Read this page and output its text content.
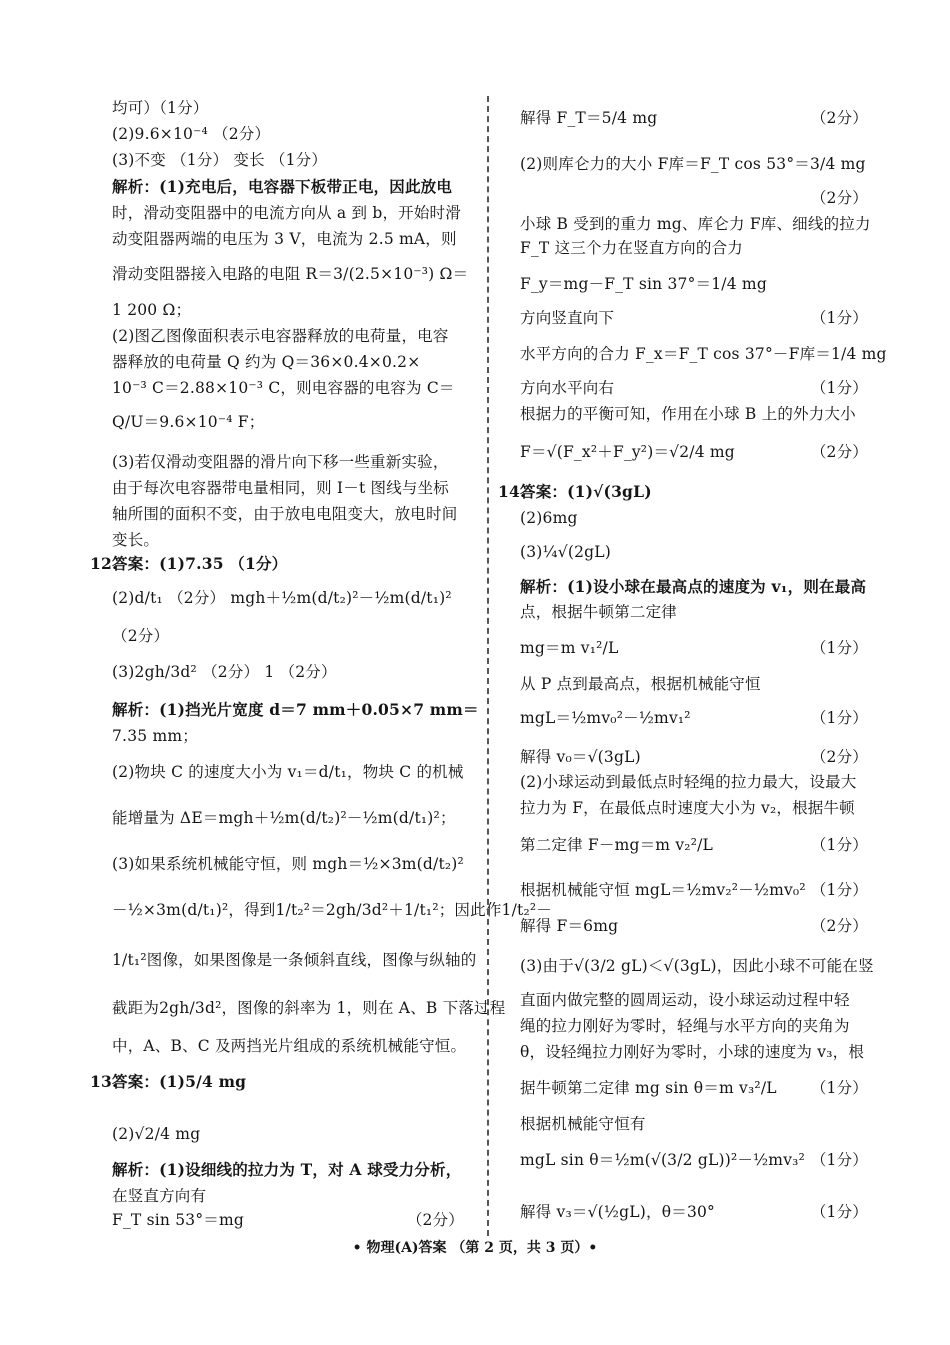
均可）（1分）
(2)9.6×10⁻⁴ （2分）
(3)不变 （1分） 变长 （1分）
解析：(1)充电后，电容器下板带正电，因此放电
时，滑动变阻器中的电流方向从 a 到 b，开始时滑
动变阻器两端的电压为 3 V，电流为 2.5 mA，则
滑动变阻器接入电路的电阻 R＝3/(2.5×10⁻³) Ω＝
1 200 Ω；
(2)图乙图像面积表示电容器释放的电荷量，电容
器释放的电荷量 Q 约为 Q＝36×0.4×0.2×
10⁻³ C＝2.88×10⁻³ C，则电容器的电容为 C＝
Q/U＝9.6×10⁻⁴ F；
(3)若仅滑动变阻器的滑片向下移一些重新实验，
由于每次电容器带电量相同，则 I－t 图线与坐标
轴所围的面积不变，由于放电电阻变大，放电时间
变长。
12.
答案：(1)7.35 （1分）
(2)d/t₁ （2分） mgh＋½m(d/t₂)²－½m(d/t₁)²
（2分）
(3)2gh/3d² （2分） 1 （2分）
解析：(1)挡光片宽度 d＝7 mm＋0.05×7 mm＝
7.35 mm；
(2)物块 C 的速度大小为 v₁＝d/t₁，物块 C 的机械
能增量为 ΔE＝mgh＋½m(d/t₂)²－½m(d/t₁)²；
(3)如果系统机械能守恒，则 mgh＝½×3m(d/t₂)²
－½×3m(d/t₁)²，得到1/t₂²＝2gh/3d²＋1/t₁²；因此作1/t₂²－
1/t₁²图像，如果图像是一条倾斜直线，图像与纵轴的
截距为2gh/3d²，图像的斜率为 1，则在 A、B 下落过程
中，A、B、C 及两挡光片组成的系统机械能守恒。
13.
答案：(1)5/4 mg
(2)√2/4 mg
解析：(1)设细线的拉力为 T，对 A 球受力分析，
在竖直方向有
F_T sin 53°＝mg	（2分）
解得 F_T＝5/4 mg	（2分）
(2)则库仑力的大小 F库＝F_T cos 53°＝3/4 mg
（2分）
小球 B 受到的重力 mg、库仑力 F库、细线的拉力
F_T 这三个力在竖直方向的合力
F_y＝mg－F_T sin 37°＝1/4 mg
方向竖直向下	（1分）
水平方向的合力 F_x＝F_T cos 37°－F库＝1/4 mg
方向水平向右	（1分）
根据力的平衡可知，作用在小球 B 上的外力大小
F＝√(F_x²＋F_y²)＝√2/4 mg	（2分）
14.
答案：(1)√(3gL)
(2)6mg
(3)¼√(2gL)
解析：(1)设小球在最高点的速度为 v₁，则在最高
点，根据牛顿第二定律
mg＝m v₁²/L	（1分）
从 P 点到最高点，根据机械能守恒
mgL＝½mv₀²－½mv₁²	（1分）
解得 v₀＝√(3gL)	（2分）
(2)小球运动到最低点时轻绳的拉力最大，设最大
拉力为 F，在最低点时速度大小为 v₂，根据牛顿
第二定律 F－mg＝m v₂²/L	（1分）
根据机械能守恒 mgL＝½mv₂²－½mv₀² （1分）
解得 F＝6mg	（2分）
(3)由于√(3/2 gL)＜√(3gL)，因此小球不可能在竖
直面内做完整的圆周运动，设小球运动过程中轻
绳的拉力刚好为零时，轻绳与水平方向的夹角为
θ，设轻绳拉力刚好为零时，小球的速度为 v₃，根
据牛顿第二定律 mg sin θ＝m v₃²/L （1分）
根据机械能守恒有
mgL sin θ＝½m(√(3/2 gL))²－½mv₃² （1分）
解得 v₃＝√(½gL)，θ＝30°	（1分）
• 物理(A)答案 （第 2 页，共 3 页）•
